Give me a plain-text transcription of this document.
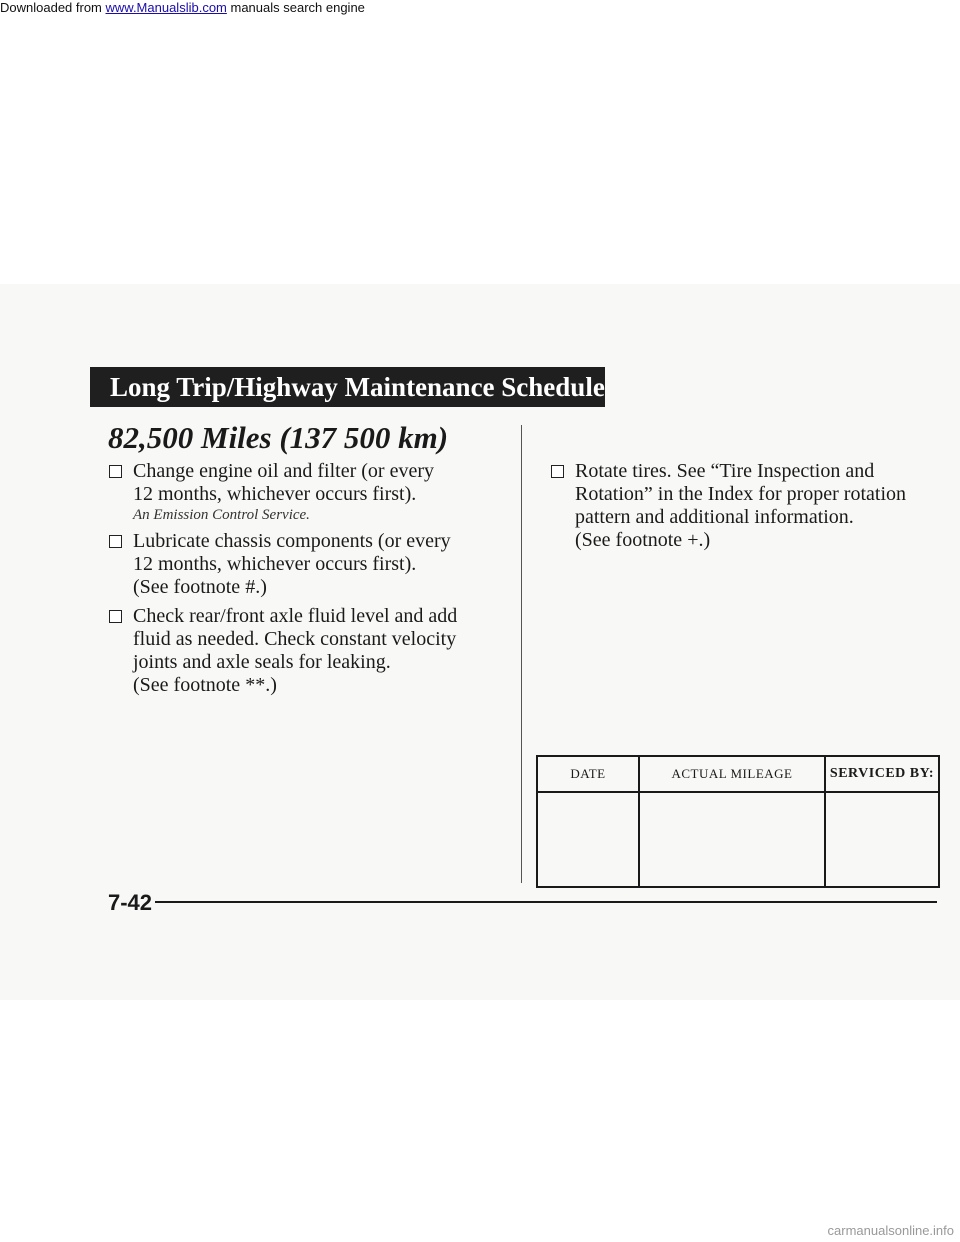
Downloaded from www.Manualslib.com manuals search engine
Long Trip/Highway Maintenance Schedule
82,500 Miles (137 500 km)

Change engine oil and filter (or every

12 months, whichever occurs first).

An Emission Control Service.

Lubricate chassis components (or every

12 months, whichever occurs first).

(See footnote #.)

Check rear/front axle fluid level and add

fluid as needed. Check constant velocity

joints and axle seals for leaking.

(See footnote **.)

Rotate tires. See “Tire Inspection and

Rotation” in the Index for proper rotation

pattern and additional information.

(See footnote +.)

DATE	ACTUAL MILEAGE	SERVICED BY:

7-42
carmanualsonline.info
